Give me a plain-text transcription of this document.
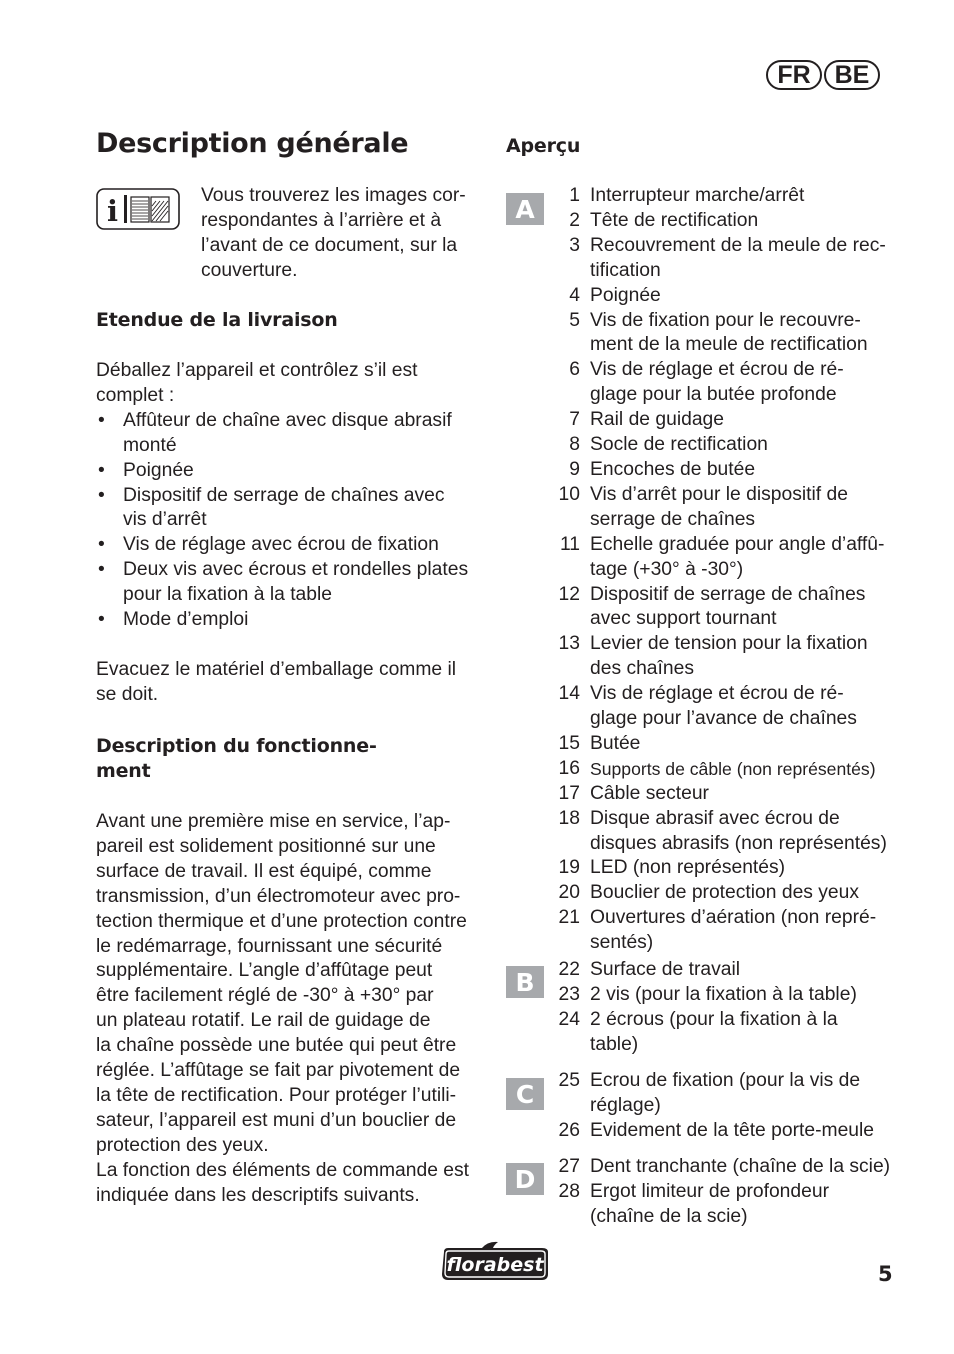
FR BE
Description générale
i	Vous trouverez les images cor-
respondantes à l’arrière et à
l’avant de ce document, sur la
couverture.
Etendue de la livraison
Déballez l’appareil et contrôlez s’il est
complet :
• Affûteur de chaîne avec disque abrasif
monté
• Poignée
• Dispositif de serrage de chaînes avec
vis d’arrêt
• Vis de réglage avec écrou de fixation
• Deux vis avec écrous et rondelles plates
pour la fixation à la table
• Mode d’emploi
Evacuez le matériel d’emballage comme il
se doit.
Description du fonctionne-
ment
Avant une première mise en service, l’ap-
pareil est solidement positionné sur une
surface de travail. Il est équipé, comme
transmission, d’un électromoteur avec pro-
tection thermique et d’une protection contre
le redémarrage, fournissant une sécurité
supplémentaire. L’angle d’affûtage peut
être facilement réglé de -30° à +30° par
un plateau rotatif. Le rail de guidage de
la chaîne possède une butée qui peut être
réglée. L’affûtage se fait par pivotement de
la tête de rectification. Pour protéger l’utili-
sateur, l’appareil est muni d’un bouclier de
protection des yeux.
La fonction des éléments de commande est
indiquée dans les descriptifs suivants.
Aperçu
A	1 Interrupteur marche/arrêt
2 Tête de rectification
3 Recouvrement de la meule de rec-
tification
4 Poignée
5 Vis de fixation pour le recouvre-
ment de la meule de rectification
6 Vis de réglage et écrou de ré-
glage pour la butée profonde
7 Rail de guidage
8 Socle de rectification
9 Encoches de butée
10 Vis d’arrêt pour le dispositif de
serrage de chaînes
11 Echelle graduée pour angle d’affû-
tage (+30° à -30°)
12 Dispositif de serrage de chaînes
avec support tournant
13 Levier de tension pour la fixation
des chaînes
14 Vis de réglage et écrou de ré-
glage pour l’avance de chaînes
15 Butée
16 Supports de câble (non représentés)
17 Câble secteur
18 Disque abrasif avec écrou de
disques abrasifs (non représentés)
19 LED (non représentés)
20 Bouclier de protection des yeux
21 Ouvertures d’aération (non repré-
sentés)
B	22 Surface de travail
23 2 vis (pour la fixation à la table)
24 2 écrous (pour la fixation à la
table)
C	25 Ecrou de fixation (pour la vis de
réglage)
26 Evidement de la tête porte-meule
D	27 Dent tranchante (chaîne de la scie)
28 Ergot limiteur de profondeur
(chaîne de la scie)
florabest	5
